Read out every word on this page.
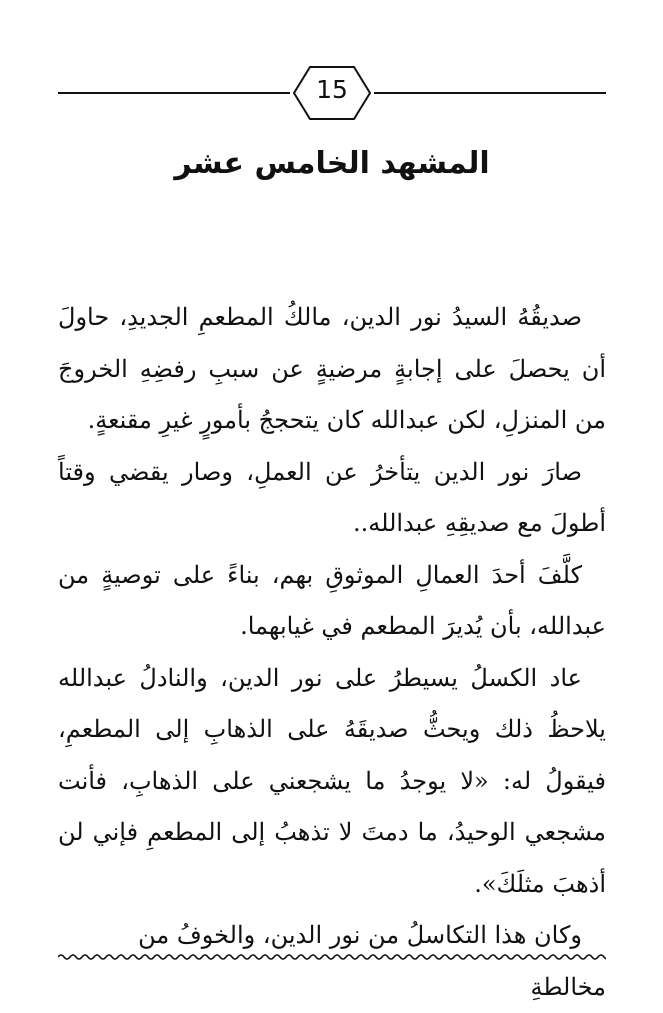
15
المشهد الخامس عشر

صديقُهُ السيدُ نور الدين، مالكُ المطعمِ الجديدِ، حاولَ أن يحصلَ على إجابةٍ مرضيةٍ عن سببِ رفضِهِ الخروجَ من المنزلِ، لكن عبدالله كان يتحججُ بأمورٍ غيرِ مقنعةٍ.

صارَ نور الدين يتأخرُ عن العملِ، وصار يقضي وقتاً أطولَ مع صديقِهِ عبدالله..

كلَّفَ أحدَ العمالِ الموثوقِ بهم، بناءً على توصيةٍ من عبدالله، بأن يُديرَ المطعم في غيابهما.

عاد الكسلُ يسيطرُ على نور الدين، والنادلُ عبدالله يلاحظُ ذلك ويحثُّ صديقَهُ على الذهابِ إلى المطعمِ، فيقولُ له: «لا يوجدُ ما يشجعني على الذهابِ، فأنت مشجعي الوحيدُ، ما دمتَ لا تذهبُ إلى المطعمِ فإني لن أذهبَ مثلَكَ».

وكان هذا التكاسلُ من نور الدين، والخوفُ من مخالطةِ
